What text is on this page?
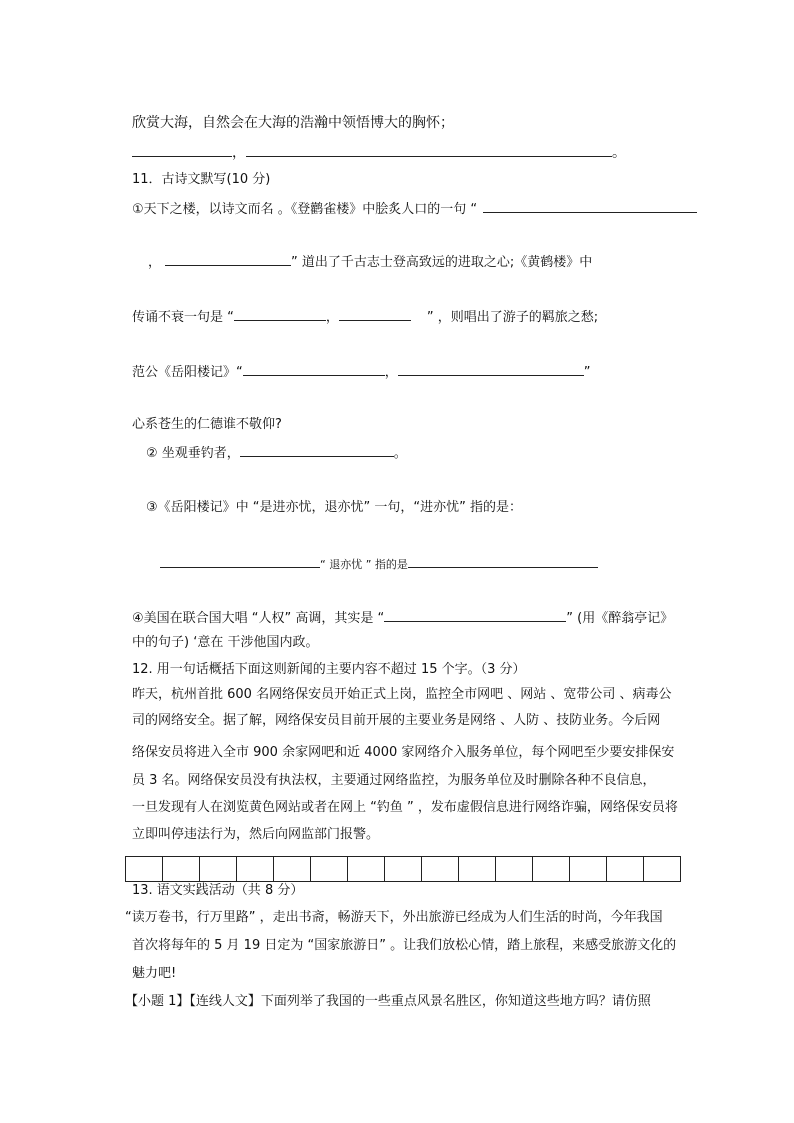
欣赏大海，自然会在大海的浩瀚中领悟博大的胸怀；
，	。
11．古诗文默写(10 分)
①天下之楼，以诗文而名 。《登鹳雀楼》中脍炙人口的一句 “
，	” 道出了千古志士登高致远的进取之心;《黄鹤楼》中
传诵不衰一句是 “	，	” ，则唱出了游子的羁旅之愁;
范公《岳阳楼记》“	，	”
心系苍生的仁德谁不敬仰?
② 坐观垂钓者，	。
③《岳阳楼记》中 “是进亦忧，退亦忧” 一句，“进亦忧” 指的是：
“ 退亦忧 ” 指的是
④美国在联合国大唱 “人权” 高调，其实是 “	” (用《醉翁亭记》
中的句子) ‘意在 干涉他国内政。
12. 用一句话概括下面这则新闻的主要内容不超过 15 个字。（3 分）
昨天，杭州首批 600 名网络保安员开始正式上岗，监控全市网吧 、网站 、宽带公司 、病毒公
司的网络安全。据了解，网络保安员目前开展的主要业务是网络 、人防 、技防业务。今后网
络保安员将进入全市 900 余家网吧和近 4000 家网络介入服务单位，每个网吧至少要安排保安
员 3 名。网络保安员没有执法权，主要通过网络监控，为服务单位及时删除各种不良信息，
一旦发现有人在浏览黄色网站或者在网上 “钓鱼 ” ，发布虚假信息进行网络诈骗，网络保安员将
立即叫停违法行为，然后向网监部门报警。

13. 语文实践活动（共 8 分）
“读万卷书，行万里路” ，走出书斋，畅游天下，外出旅游已经成为人们生活的时尚，今年我国
首次将每年的 5 月 19 日定为 “国家旅游日” 。让我们放松心情，踏上旅程，来感受旅游文化的
魅力吧!
【小题 1】【连线人文】下面列举了我国的一些重点风景名胜区，你知道这些地方吗？请仿照
